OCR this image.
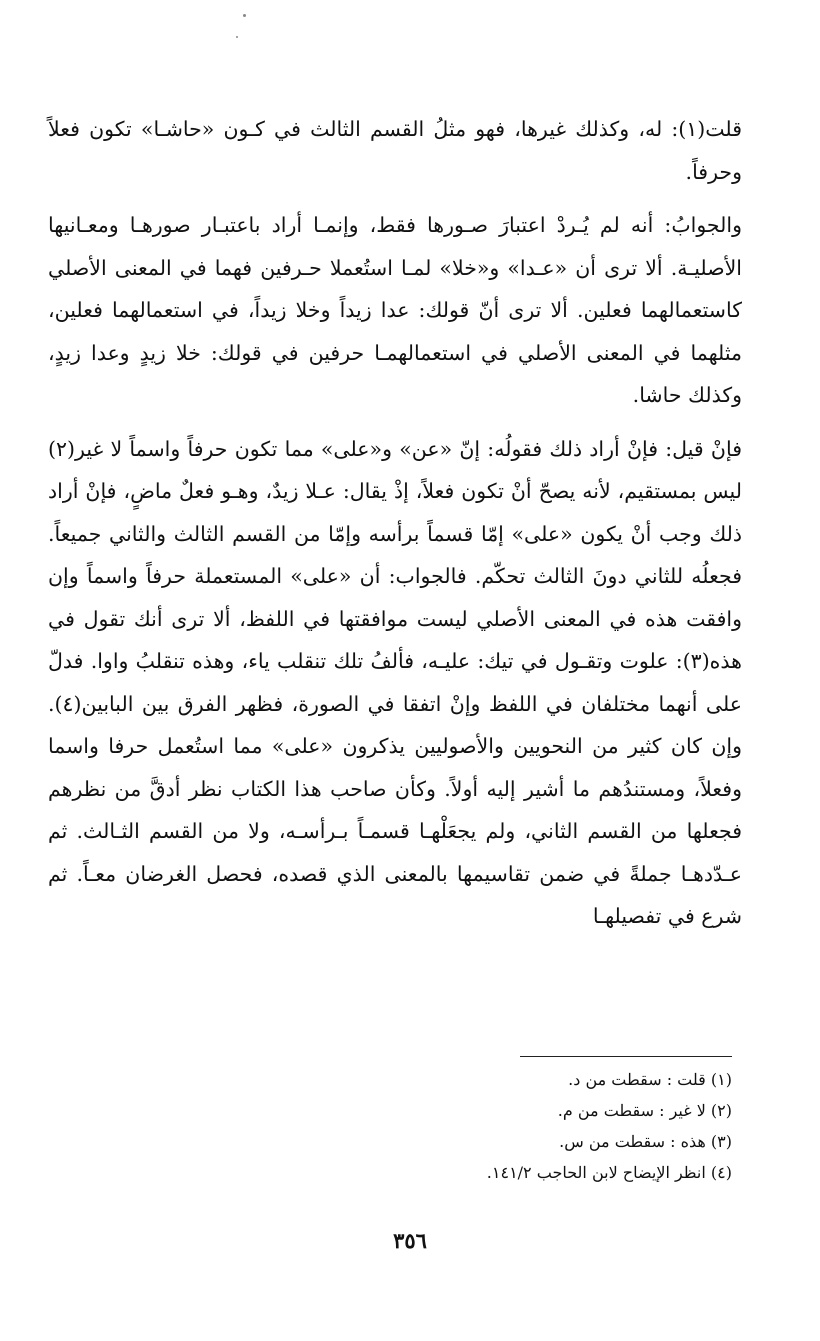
قلت(١): له، وكذلك غيرها، فهو مثلُ القسم الثالث في كـون «حاشـا» تكون فعلاً وحرفاً.

والجوابُ: أنه لم يُـردْ اعتبارَ صـورها فقط، وإنمـا أراد باعتبـار صورهـا ومعـانيها الأصليـة. ألا ترى أن «عـدا» و«خلا» لمـا استُعملا حـرفين فهما في المعنى الأصلي كاستعمالهما فعلين. ألا ترى أنّ قولك: عدا زيداً وخلا زيداً، في استعمالهما فعلين، مثلهما في المعنى الأصلي في استعمالهمـا حرفين في قولك: خلا زيدٍ وعدا زيدٍ، وكذلك حاشا.

فإنْ قيل: فإنْ أراد ذلك فقولُه: إنّ «عن» و«على» مما تكون حرفاً واسماً لا غير(٢) ليس بمستقيم، لأنه يصحّ أنْ تكون فعلاً، إذْ يقال: عـلا زيدٌ، وهـو فعلٌ ماضٍ، فإنْ أراد ذلك وجب أنْ يكون «على» إمّا قسماً برأسه وإمّا من القسم الثالث والثاني جميعاً. فجعلُه للثاني دونَ الثالث تحكّم. فالجواب: أن «على» المستعملة حرفاً واسماً وإن وافقت هذه في المعنى الأصلي ليست موافقتها في اللفظ، ألا ترى أنك تقول في هذه(٣): علوت وتقـول في تيك: عليـه، فألفُ تلك تنقلب ياء، وهذه تنقلبُ واوا. فدلّ على أنهما مختلفان في اللفظ وإنْ اتفقا في الصورة، فظهر الفرق بين البابين(٤). وإن كان كثير من النحويين والأصوليين يذكرون «على» مما استُعمل حرفا واسما وفعلاً، ومستندُهم ما أشير إليه أولاً. وكأن صاحب هذا الكتاب نظر أدقَّ من نظرهم فجعلها من القسم الثاني، ولم يجعَلْهـا قسمـاً بـرأسـه، ولا من القسم الثـالث. ثم عـدّدهـا جملةً في ضمن تقاسيمها بالمعنى الذي قصده، فحصل الغرضان معـاً. ثم شرع في تفصيلهـا

(١) قلت : سقطت من د.

(٢) لا غير : سقطت من م.

(٣) هذه : سقطت من س.

(٤) انظر الإيضاح لابن الحاجب ١٤١/٢.

٣٥٦
